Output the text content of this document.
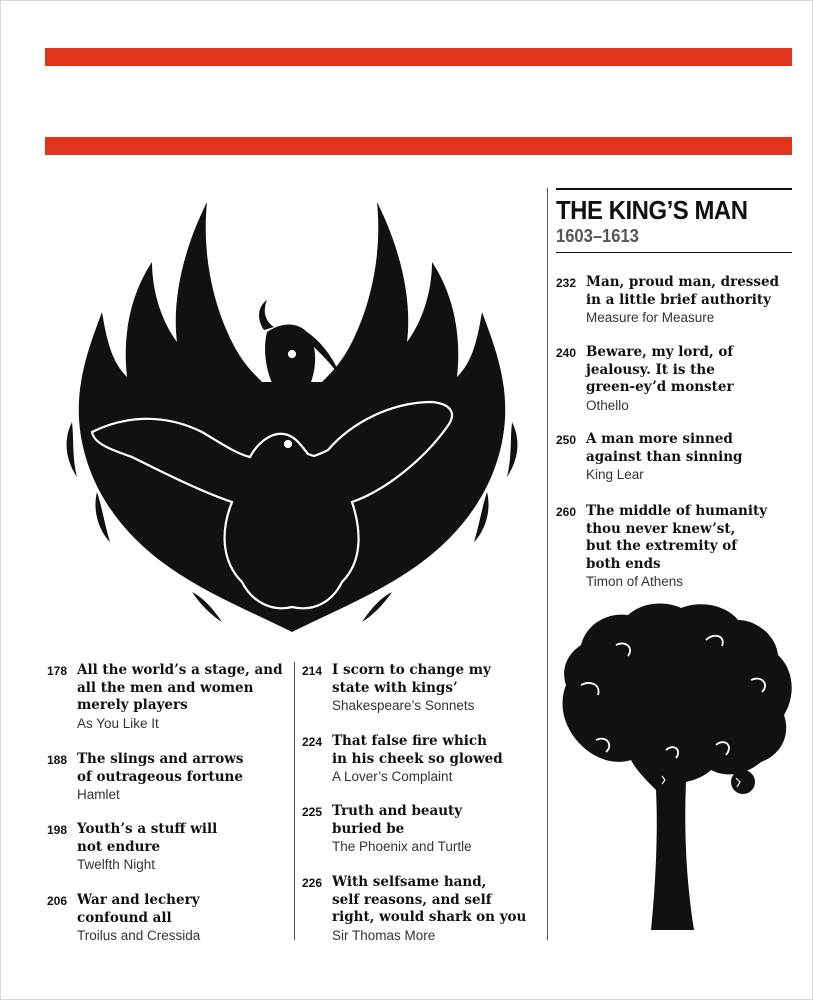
THE KING’S MAN
1603–1613
232 Man, proud man, dressed
in a little brief authority
Measure for Measure
240 Beware, my lord, of
jealousy. It is the
green-ey’d monster
Othello
250 A man more sinned
against than sinning
King Lear
260 The middle of humanity
thou never knew’st,
but the extremity of
both ends
Timon of Athens
178 All the world’s a stage, and
all the men and women
merely players
As You Like It
188 The slings and arrows
of outrageous fortune
Hamlet
198 Youth’s a stuff will
not endure
Twelfth Night
206 War and lechery
confound all
Troilus and Cressida
214 I scorn to change my
state with kings’
Shakespeare’s Sonnets
224 That false fire which
in his cheek so glowed
A Lover’s Complaint
225 Truth and beauty
buried be
The Phoenix and Turtle
226 With selfsame hand,
self reasons, and self
right, would shark on you
Sir Thomas More
